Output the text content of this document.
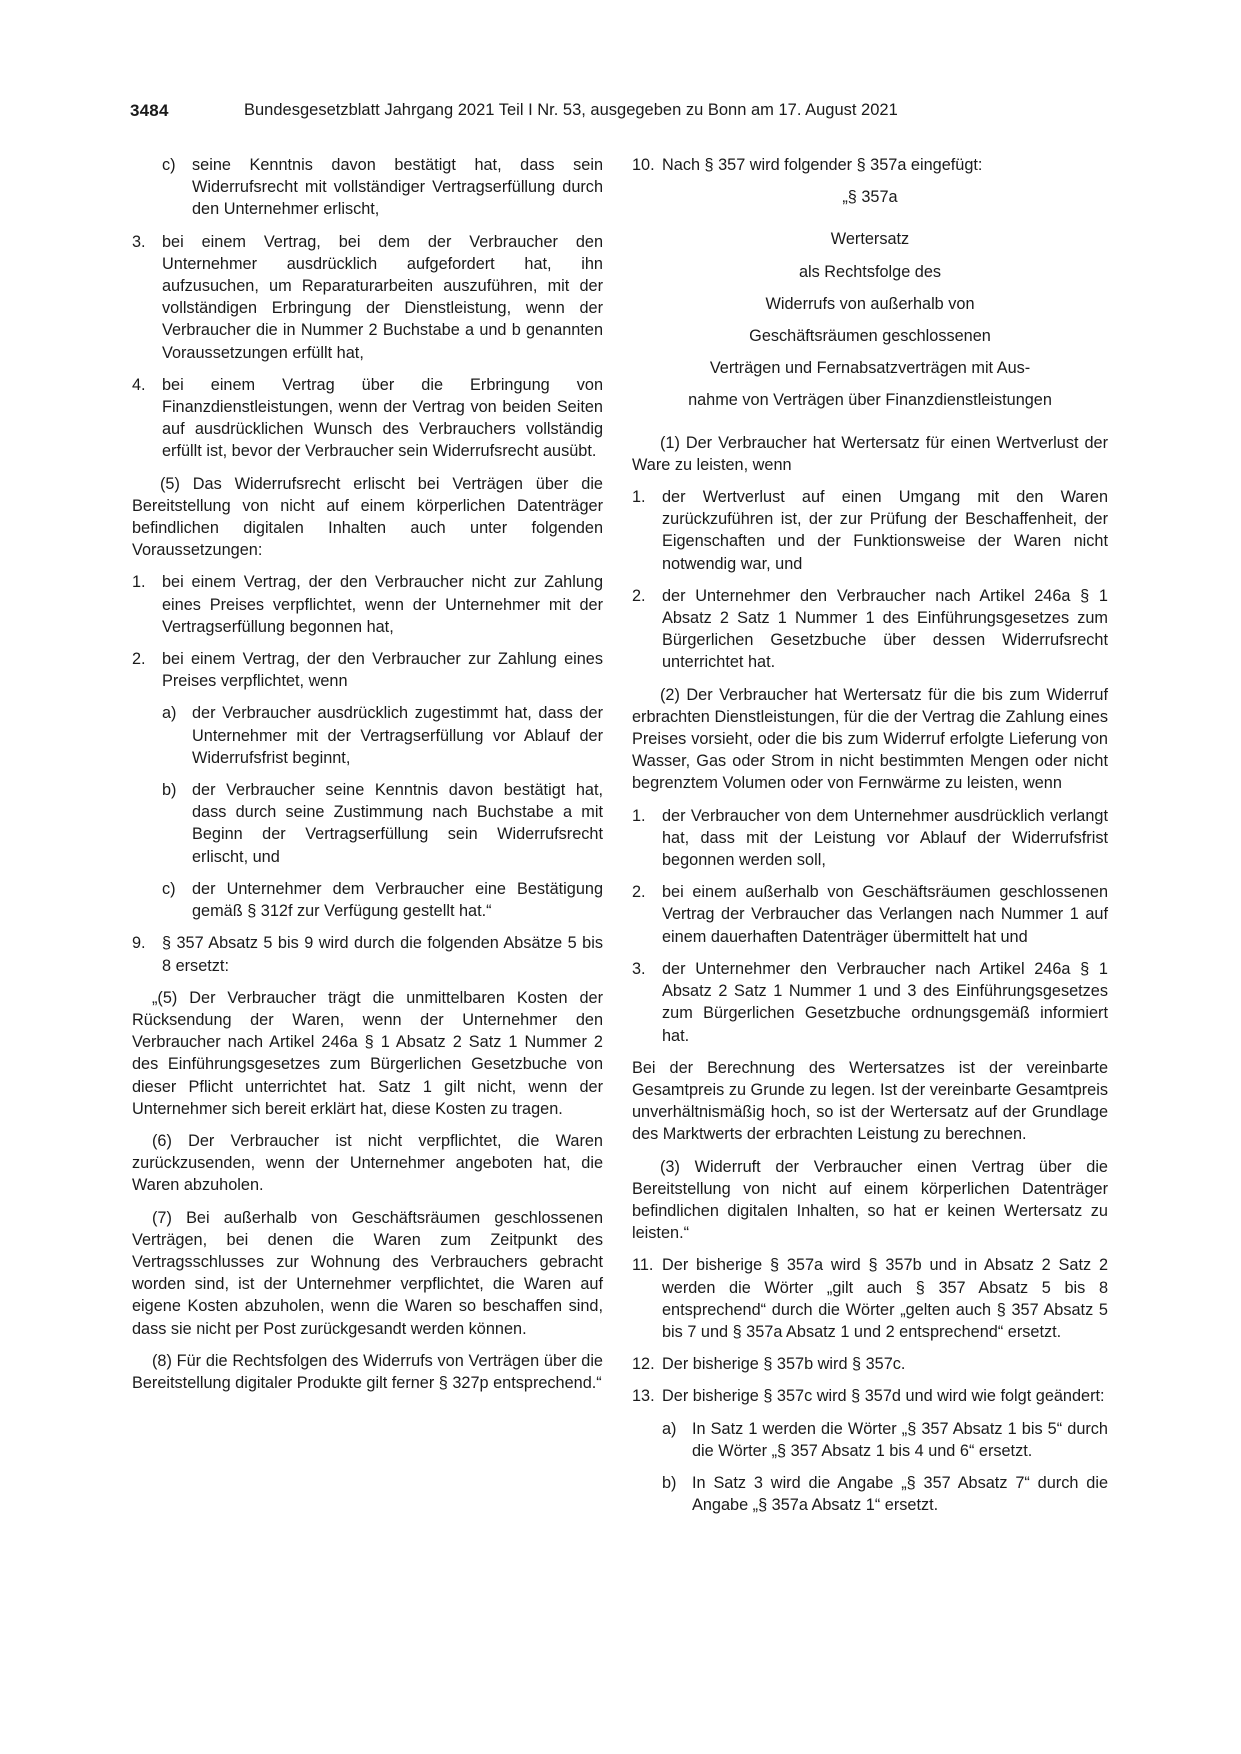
3484	Bundesgesetzblatt Jahrgang 2021 Teil I Nr. 53, ausgegeben zu Bonn am 17. August 2021
c) seine Kenntnis davon bestätigt hat, dass sein Widerrufsrecht mit vollständiger Vertragserfüllung durch den Unternehmer erlischt,
3. bei einem Vertrag, bei dem der Verbraucher den Unternehmer ausdrücklich aufgefordert hat, ihn aufzusuchen, um Reparaturarbeiten auszuführen, mit der vollständigen Erbringung der Dienstleistung, wenn der Verbraucher die in Nummer 2 Buchstabe a und b genannten Voraussetzungen erfüllt hat,
4. bei einem Vertrag über die Erbringung von Finanzdienstleistungen, wenn der Vertrag von beiden Seiten auf ausdrücklichen Wunsch des Verbrauchers vollständig erfüllt ist, bevor der Verbraucher sein Widerrufsrecht ausübt.

(5) Das Widerrufsrecht erlischt bei Verträgen über die Bereitstellung von nicht auf einem körperlichen Datenträger befindlichen digitalen Inhalten auch unter folgenden Voraussetzungen:

1. bei einem Vertrag, der den Verbraucher nicht zur Zahlung eines Preises verpflichtet, wenn der Unternehmer mit der Vertragserfüllung begonnen hat,
2. bei einem Vertrag, der den Verbraucher zur Zahlung eines Preises verpflichtet, wenn
a) der Verbraucher ausdrücklich zugestimmt hat, dass der Unternehmer mit der Vertragserfüllung vor Ablauf der Widerrufsfrist beginnt,
b) der Verbraucher seine Kenntnis davon bestätigt hat, dass durch seine Zustimmung nach Buchstabe a mit Beginn der Vertragserfüllung sein Widerrufsrecht erlischt, und
c) der Unternehmer dem Verbraucher eine Bestätigung gemäß § 312f zur Verfügung gestellt hat.“
9. § 357 Absatz 5 bis 9 wird durch die folgenden Absätze 5 bis 8 ersetzt:

„(5) Der Verbraucher trägt die unmittelbaren Kosten der Rücksendung der Waren, wenn der Unternehmer den Verbraucher nach Artikel 246a § 1 Absatz 2 Satz 1 Nummer 2 des Einführungsgesetzes zum Bürgerlichen Gesetzbuche von dieser Pflicht unterrichtet hat. Satz 1 gilt nicht, wenn der Unternehmer sich bereit erklärt hat, diese Kosten zu tragen.

(6) Der Verbraucher ist nicht verpflichtet, die Waren zurückzusenden, wenn der Unternehmer angeboten hat, die Waren abzuholen.

(7) Bei außerhalb von Geschäftsräumen geschlossenen Verträgen, bei denen die Waren zum Zeitpunkt des Vertragsschlusses zur Wohnung des Verbrauchers gebracht worden sind, ist der Unternehmer verpflichtet, die Waren auf eigene Kosten abzuholen, wenn die Waren so beschaffen sind, dass sie nicht per Post zurückgesandt werden können.

(8) Für die Rechtsfolgen des Widerrufs von Verträgen über die Bereitstellung digitaler Produkte gilt ferner § 327p entsprechend.“

10. Nach § 357 wird folgender § 357a eingefügt:

„§ 357a

Wertersatz

als Rechtsfolge des

Widerrufs von außerhalb von

Geschäftsräumen geschlossenen

Verträgen und Fernabsatzverträgen mit Aus-

nahme von Verträgen über Finanzdienstleistungen

(1) Der Verbraucher hat Wertersatz für einen Wertverlust der Ware zu leisten, wenn

1. der Wertverlust auf einen Umgang mit den Waren zurückzuführen ist, der zur Prüfung der Beschaffenheit, der Eigenschaften und der Funktionsweise der Waren nicht notwendig war, und
2. der Unternehmer den Verbraucher nach Artikel 246a § 1 Absatz 2 Satz 1 Nummer 1 des Einführungsgesetzes zum Bürgerlichen Gesetzbuche über dessen Widerrufsrecht unterrichtet hat.

(2) Der Verbraucher hat Wertersatz für die bis zum Widerruf erbrachten Dienstleistungen, für die der Vertrag die Zahlung eines Preises vorsieht, oder die bis zum Widerruf erfolgte Lieferung von Wasser, Gas oder Strom in nicht bestimmten Mengen oder nicht begrenztem Volumen oder von Fernwärme zu leisten, wenn

1. der Verbraucher von dem Unternehmer ausdrücklich verlangt hat, dass mit der Leistung vor Ablauf der Widerrufsfrist begonnen werden soll,
2. bei einem außerhalb von Geschäftsräumen geschlossenen Vertrag der Verbraucher das Verlangen nach Nummer 1 auf einem dauerhaften Datenträger übermittelt hat und
3. der Unternehmer den Verbraucher nach Artikel 246a § 1 Absatz 2 Satz 1 Nummer 1 und 3 des Einführungsgesetzes zum Bürgerlichen Gesetzbuche ordnungsgemäß informiert hat.

Bei der Berechnung des Wertersatzes ist der vereinbarte Gesamtpreis zu Grunde zu legen. Ist der vereinbarte Gesamtpreis unverhältnismäßig hoch, so ist der Wertersatz auf der Grundlage des Marktwerts der erbrachten Leistung zu berechnen.

(3) Widerruft der Verbraucher einen Vertrag über die Bereitstellung von nicht auf einem körperlichen Datenträger befindlichen digitalen Inhalten, so hat er keinen Wertersatz zu leisten.“

11. Der bisherige § 357a wird § 357b und in Absatz 2 Satz 2 werden die Wörter „gilt auch § 357 Absatz 5 bis 8 entsprechend“ durch die Wörter „gelten auch § 357 Absatz 5 bis 7 und § 357a Absatz 1 und 2 entsprechend“ ersetzt.
12. Der bisherige § 357b wird § 357c.
13. Der bisherige § 357c wird § 357d und wird wie folgt geändert:
a) In Satz 1 werden die Wörter „§ 357 Absatz 1 bis 5“ durch die Wörter „§ 357 Absatz 1 bis 4 und 6“ ersetzt.
b) In Satz 3 wird die Angabe „§ 357 Absatz 7“ durch die Angabe „§ 357a Absatz 1“ ersetzt.
